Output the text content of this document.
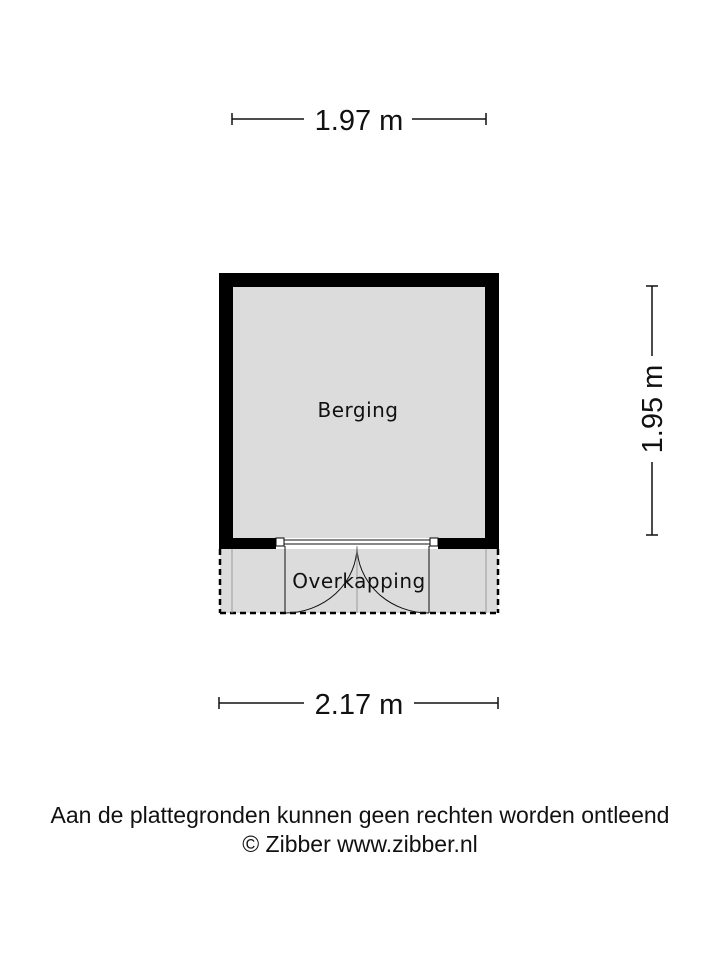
1.97 m
1.95 m
Berging
Overkapping
2.17 m
Aan de plattegronden kunnen geen rechten worden ontleend
© Zibber www.zibber.nl
